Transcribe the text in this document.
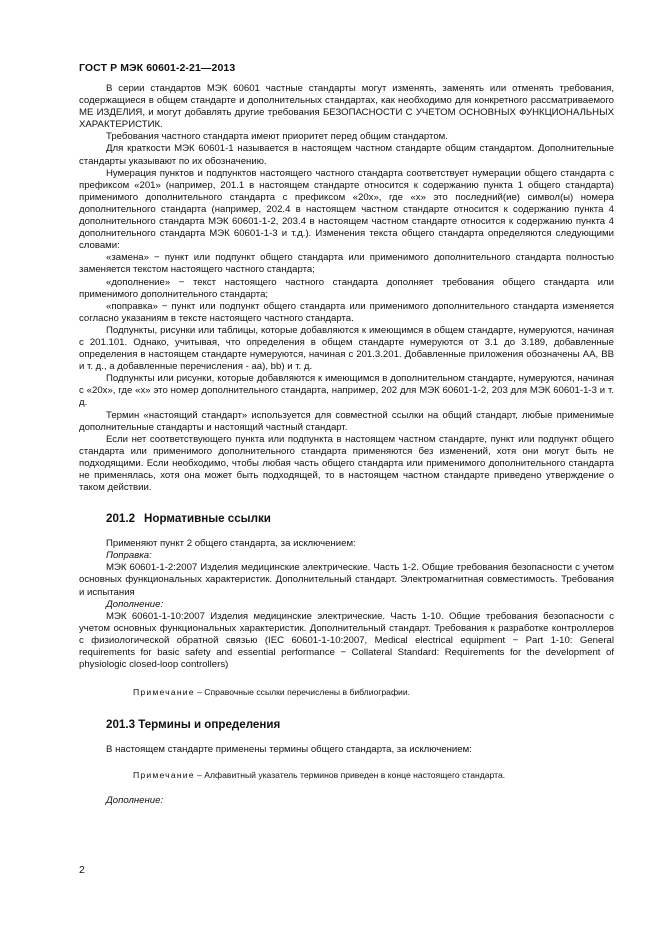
ГОСТ Р МЭК 60601-2-21—2013

В серии стандартов МЭК 60601 частные стандарты могут изменять, заменять или отменять требования, содержащиеся в общем стандарте и дополнительных стандартах, как необходимо для конкретного рассматриваемого МЕ ИЗДЕЛИЯ, и могут добавлять другие требования БЕЗОПАСНОСТИ С УЧЕТОМ ОСНОВНЫХ ФУНКЦИОНАЛЬНЫХ ХАРАКТЕРИСТИК.

Требования частного стандарта имеют приоритет перед общим стандартом.

Для краткости МЭК 60601-1 называется в настоящем частном стандарте общим стандартом. Дополнительные стандарты указывают по их обозначению.

Нумерация пунктов и подпунктов настоящего частного стандарта соответствует нумерации общего стандарта с префиксом «201» (например, 201.1 в настоящем стандарте относится к содержанию пункта 1 общего стандарта) применимого дополнительного стандарта с префиксом «20x», где «x» это последний(ие) символ(ы) номера дополнительного стандарта (например, 202.4 в настоящем частном стандарте относится к содержанию пункта 4 дополнительного стандарта МЭК 60601-1-2, 203.4 в настоящем частном стандарте относится к содержанию пункта 4 дополнительного стандарта МЭК 60601-1-3 и т.д.). Изменения текста общего стандарта определяются следующими словами:

«замена» − пункт или подпункт общего стандарта или применимого дополнительного стандарта полностью заменяется текстом настоящего частного стандарта;

«дополнение» − текст настоящего частного стандарта дополняет требования общего стандарта или применимого дополнительного стандарта;

«поправка» − пункт или подпункт общего стандарта или применимого дополнительного стандарта изменяется согласно указаниям в тексте настоящего частного стандарта.

Подпункты, рисунки или таблицы, которые добавляются к имеющимся в общем стандарте, нумеруются, начиная с 201.101. Однако, учитывая, что определения в общем стандарте нумеруются от 3.1 до 3.189, добавленные определения в настоящем стандарте нумеруются, начиная с 201.3.201. Добавленные приложения обозначены АА, ВВ и т. д., а добавленные перечисления - аа), bb) и т. д.

Подпункты или рисунки, которые добавляются к имеющимся в дополнительном стандарте, нумеруются, начиная с «20x», где «x» это номер дополнительного стандарта, например, 202 для МЭК 60601-1-2, 203 для МЭК 60601-1-3 и т. д.

Термин «настоящий стандарт» используется для совместной ссылки на общий стандарт, любые применимые дополнительные стандарты и настоящий частный стандарт.

Если нет соответствующего пункта или подпункта в настоящем частном стандарте, пункт или подпункт общего стандарта или применимого дополнительного стандарта применяются без изменений, хотя они могут быть не подходящими. Если необходимо, чтобы любая часть общего стандарта или применимого дополнительного стандарта не применялась, хотя она может быть подходящей, то в настоящем частном стандарте приведено утверждение о таком действии.

201.2 Нормативные ссылки

Применяют пункт 2 общего стандарта, за исключением:

Поправка:

МЭК 60601-1-2:2007 Изделия медицинские электрические. Часть 1-2. Общие требования безопасности с учетом основных функциональных характеристик. Дополнительный стандарт. Электромагнитная совместимость. Требования и испытания

Дополнение:

МЭК 60601-1-10:2007 Изделия медицинские электрические. Часть 1-10. Общие требования безопасности с учетом основных функциональных характеристик. Дополнительный стандарт. Требования к разработке контроллеров с физиологической обратной связью (IEC 60601-1-10:2007, Medical electrical equipment − Part 1-10: General requirements for basic safety and essential performance − Collateral Standard: Requirements for the development of physiologic closed-loop controllers)

Примечание – Справочные ссылки перечислены в библиографии.

201.3 Термины и определения

В настоящем стандарте применены термины общего стандарта, за исключением:

Примечание – Алфавитный указатель терминов приведен в конце настоящего стандарта.

Дополнение:

2
